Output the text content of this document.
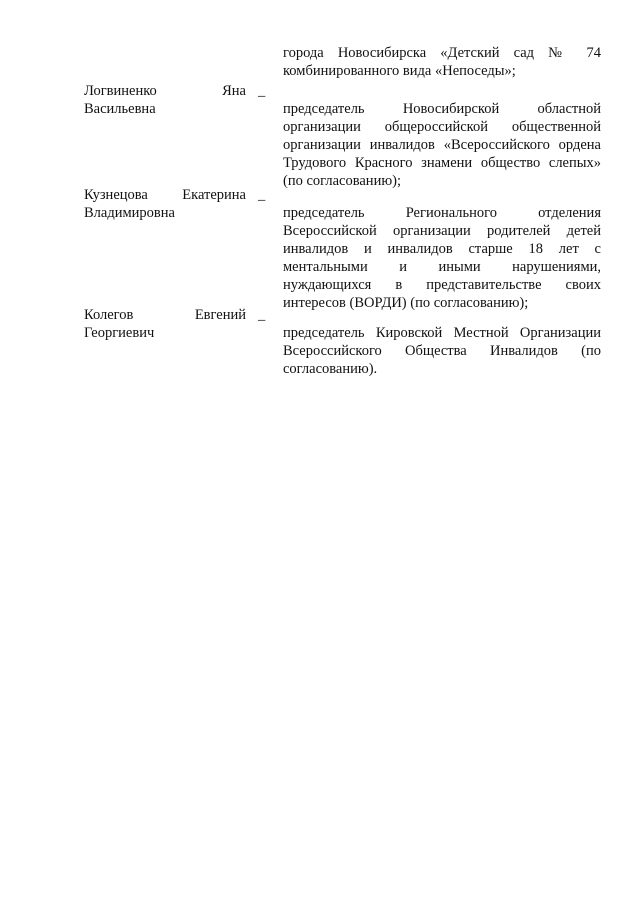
города Новосибирска «Детский сад № 74 комбинированного вида «Непоседы»;
Логвиненко Яна
Васильевна
_
председатель Новосибирской областной организации общероссийской общественной организации инвалидов «Всероссийского ордена Трудового Красного знамени общество слепых» (по согласованию);
Кузнецова Екатерина
Владимировна
_
председатель Регионального отделения Всероссийской организации родителей детей инвалидов и инвалидов старше 18 лет с ментальными и иными нарушениями, нуждающихся в представительстве своих интересов (ВОРДИ) (по согласованию);
Колегов Евгений
Георгиевич
_
председатель Кировской Местной Организации Всероссийского Общества Инвалидов (по согласованию).
